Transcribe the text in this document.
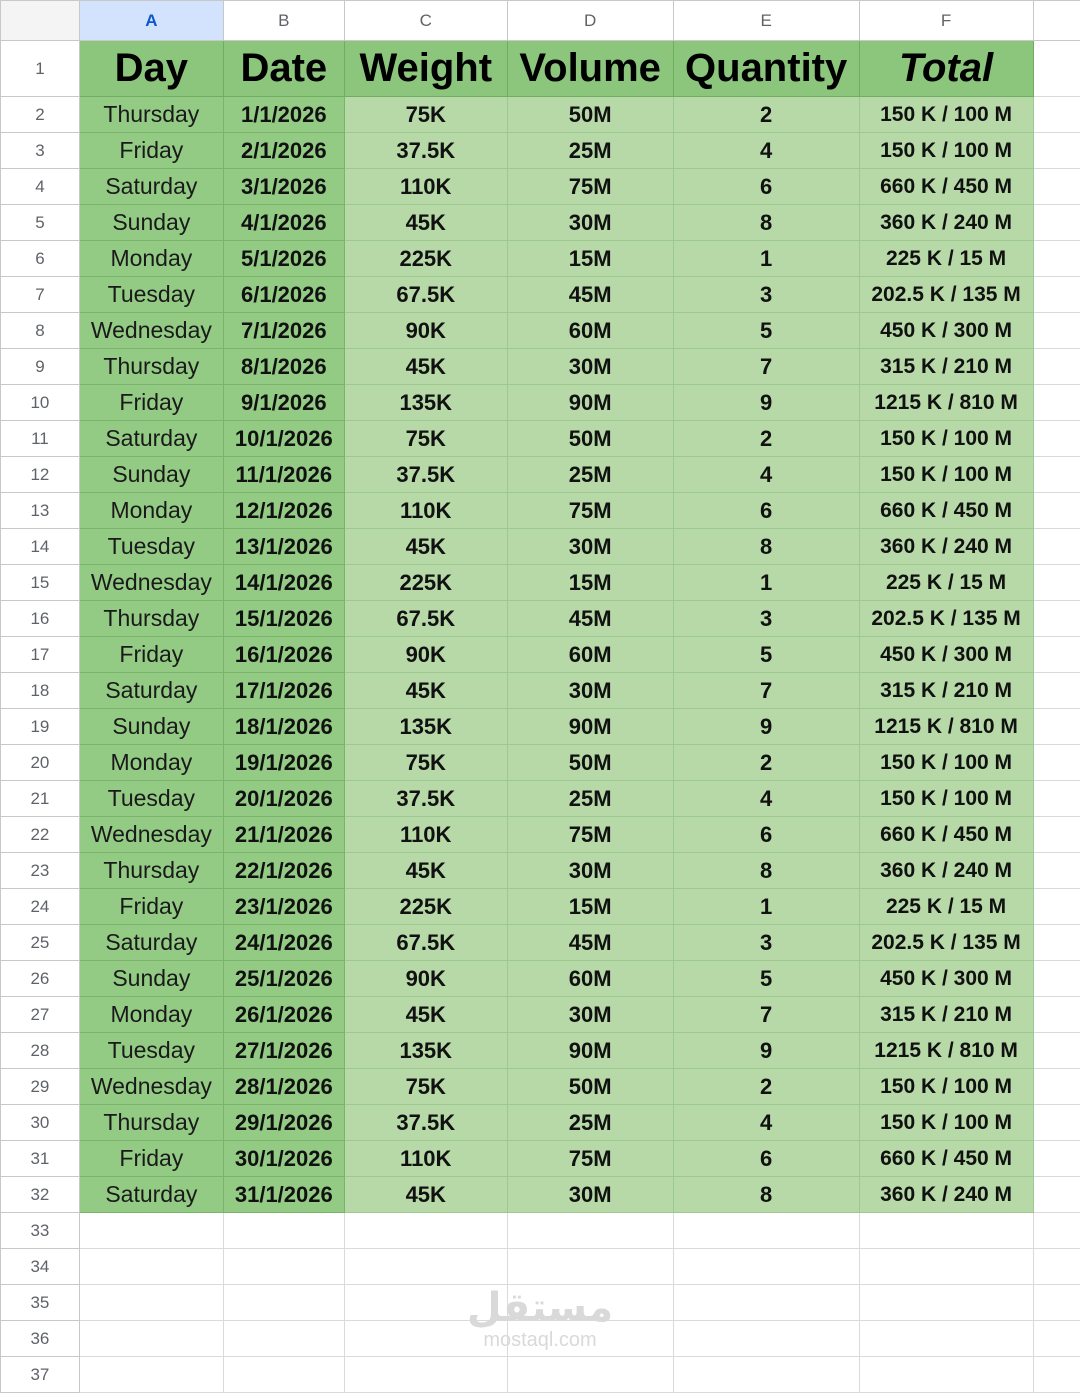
	A	B	C	D	E	F	
1	Day	Date	Weight	Volume	Quantity	Total	
2	Thursday	1/1/2026	75K	50M	2	150 K / 100 M	
3	Friday	2/1/2026	37.5K	25M	4	150 K / 100 M	
4	Saturday	3/1/2026	110K	75M	6	660 K / 450 M	
5	Sunday	4/1/2026	45K	30M	8	360 K / 240 M	
6	Monday	5/1/2026	225K	15M	1	225 K / 15 M	
7	Tuesday	6/1/2026	67.5K	45M	3	202.5 K / 135 M	
8	Wednesday	7/1/2026	90K	60M	5	450 K / 300 M	
9	Thursday	8/1/2026	45K	30M	7	315 K / 210 M	
10	Friday	9/1/2026	135K	90M	9	1215 K / 810 M	
11	Saturday	10/1/2026	75K	50M	2	150 K / 100 M	
12	Sunday	11/1/2026	37.5K	25M	4	150 K / 100 M	
13	Monday	12/1/2026	110K	75M	6	660 K / 450 M	
14	Tuesday	13/1/2026	45K	30M	8	360 K / 240 M	
15	Wednesday	14/1/2026	225K	15M	1	225 K / 15 M	
16	Thursday	15/1/2026	67.5K	45M	3	202.5 K / 135 M	
17	Friday	16/1/2026	90K	60M	5	450 K / 300 M	
18	Saturday	17/1/2026	45K	30M	7	315 K / 210 M	
19	Sunday	18/1/2026	135K	90M	9	1215 K / 810 M	
20	Monday	19/1/2026	75K	50M	2	150 K / 100 M	
21	Tuesday	20/1/2026	37.5K	25M	4	150 K / 100 M	
22	Wednesday	21/1/2026	110K	75M	6	660 K / 450 M	
23	Thursday	22/1/2026	45K	30M	8	360 K / 240 M	
24	Friday	23/1/2026	225K	15M	1	225 K / 15 M	
25	Saturday	24/1/2026	67.5K	45M	3	202.5 K / 135 M	
26	Sunday	25/1/2026	90K	60M	5	450 K / 300 M	
27	Monday	26/1/2026	45K	30M	7	315 K / 210 M	
28	Tuesday	27/1/2026	135K	90M	9	1215 K / 810 M	
29	Wednesday	28/1/2026	75K	50M	2	150 K / 100 M	
30	Thursday	29/1/2026	37.5K	25M	4	150 K / 100 M	
31	Friday	30/1/2026	110K	75M	6	660 K / 450 M	
32	Saturday	31/1/2026	45K	30M	8	360 K / 240 M	
33							
34							
35							
36							
37							
مستقل
mostaql.com
